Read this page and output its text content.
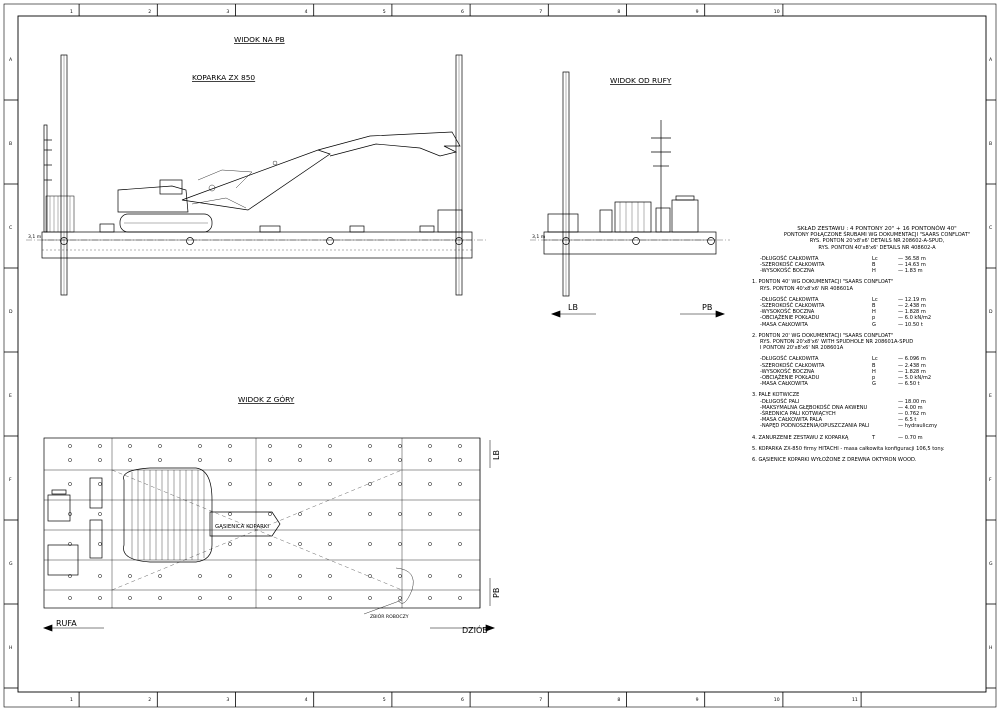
1	2	3	4	5	6	7	8	9	10
1	2	3	4	5	6	7	8	9	10	11
A
B
C
D
E
F
G
H
A
B
C
D
E
F
G
H
WIDOK NA PB
KOPARKA ZX 850	WIDOK OD RUFY
WIDOK Z GÓRY
GĄSIENICA KOPARKI
LB	PB
RUFA
DZIÓB
LB
PB
3,1 m	3,1 m
ZBIÓR ROBOCZY
SKŁAD ZESTAWU : 4 PONTONY 20" + 16 PONTONÓW 40"
PONTONY POŁĄCZONE ŚRUBAMI WG DOKUMENTACJI "SAARS CONFLOAT"
RYS. PONTON 20'x8'x6' DETAILS NR 208602-A-SPUD,
RYS. PONTON 40'x8'x6' DETAILS NR 408602-A
-DŁUGOŚĆ CAŁKOWITA	Lc	— 36.58 m
-SZEROKOŚĆ CAŁKOWITA	B	— 14.63 m
-WYSOKOŚĆ BOCZNA	H	— 1.83 m
1. PONTON 40' WG DOKUMENTACJI "SAARS CONFLOAT"
RYS. PONTON 40'x8'x6' NR 408601A
-DŁUGOŚĆ CAŁKOWITA	Lc	— 12.19 m
-SZEROKOŚĆ CAŁKOWITA	B	— 2.438 m
-WYSOKOŚĆ BOCZNA	H	— 1.828 m
-OBCIĄŻENIE POKŁADU	p	— 6.0 kN/m2
-MASA CAŁKOWITA	G	— 10.50 t
2. PONTON 20' WG DOKUMENTACJI "SAARS CONFLOAT"
RYS. PONTON 20'x8'x6' WITH SPUDHOLE NR 208601A-SPUD
I PONTON 20'x8'x6' NR 208601A
-DŁUGOŚĆ CAŁKOWITA	Lc	— 6.096 m
-SZEROKOŚĆ CAŁKOWITA	B	— 2.438 m
-WYSOKOŚĆ BOCZNA	H	— 1.828 m
-OBCIĄŻENIE POKŁADU	p	— 5.0 kN/m2
-MASA CAŁKOWITA	G	— 6.50 t
3. PALE KOTWICZE
-DŁUGOŚĆ PALI	— 18.00 m
-MAKSYMALNA GŁĘBOKOŚĆ DNA AKWENU	— 4.00 m
-ŚREDNICA PALI KOTWIĄCYCH	— 0.762 m
-MASA CAŁKOWITA PALA	— 6.5 t
-NAPĘD PODNOSZENIA/OPUSZCZANIA PALI	— hydrauliczny
4. ZANURZENIE ZESTAWU Z KOPARKĄ	T	— 0.70 m
5. KOPARKA ZX-850 firmy HITACHI - masa całkowita konfiguracji 106,5 tony.
6. GĄSIENICE KOPARKI WYŁOŻONE Z DREWNA OKTYRON WOOD.
